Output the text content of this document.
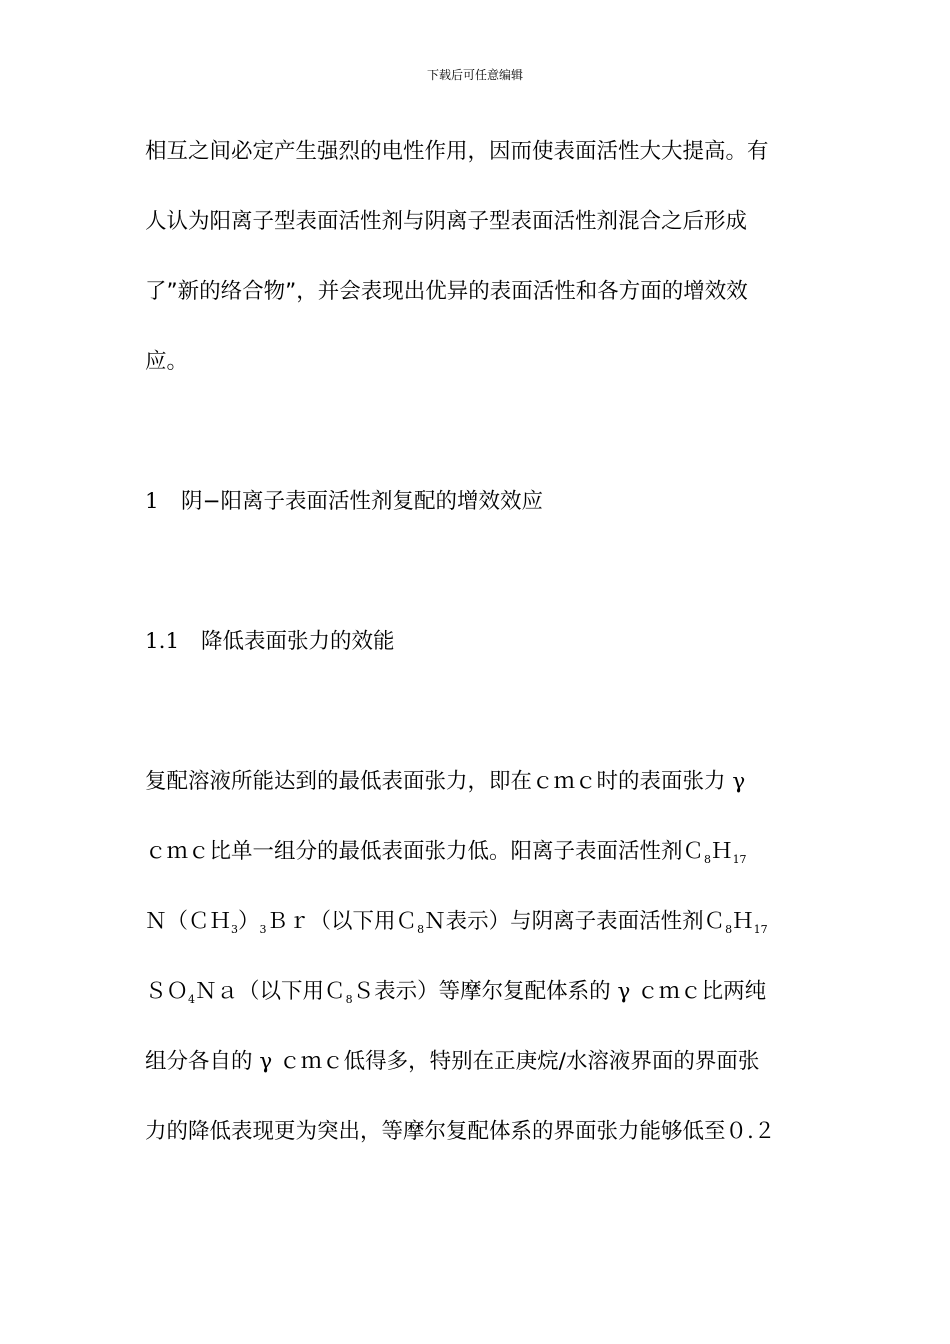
下载后可任意编辑
相互之间必定产生强烈的电性作用，因而使表面活性大大提高。有
人认为阳离子型表面活性剂与阴离子型表面活性剂混合之后形成
了”新的络合物”，并会表现出优异的表面活性和各方面的增效效
应。
1 阴−阳离子表面活性剂复配的增效效应
1.1 降低表面张力的效能
复配溶液所能达到的最低表面张力，即在ｃｍｃ时的表面张力 γ
ｃｍｃ比单一组分的最低表面张力低。阳离子表面活性剂Ｃ$_8$Ｈ$_{17}$
$N(CH_3)_3Br$（以下用Ｃ$_8$Ｎ表示）与阴离子表面活性剂Ｃ$_8$Ｈ$_{17}$
ＳＯ$_4$Ｎａ（以下用Ｃ$_8$Ｓ表示）等摩尔复配体系的 γ ｃｍｃ比两纯
组分各自的 γ ｃｍｃ低得多，特别在正庚烷/水溶液界面的界面张
力的降低表现更为突出，等摩尔复配体系的界面张力能够低至０.２
